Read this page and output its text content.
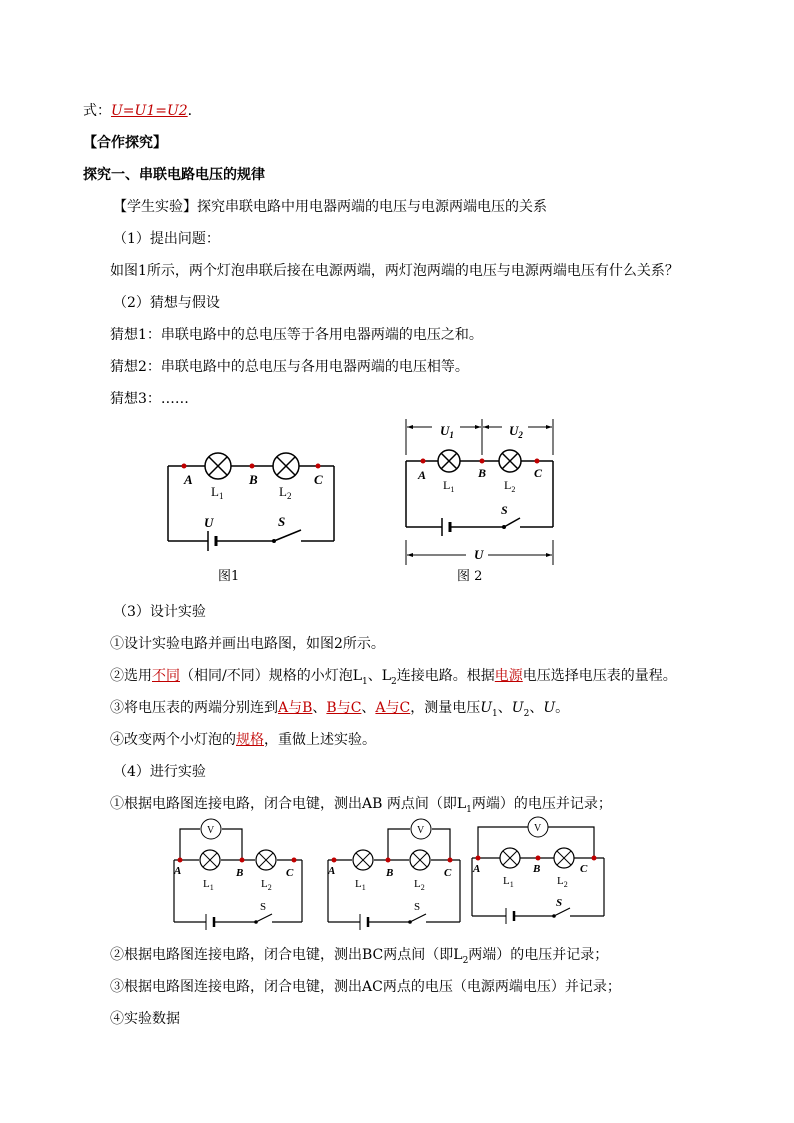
式：U=U1=U2.
【合作探究】
探究一、串联电路电压的规律
【学生实验】探究串联电路中用电器两端的电压与电源两端电压的关系
（1）提出问题：
如图1所示，两个灯泡串联后接在电源两端，两灯泡两端的电压与电源两端电压有什么关系？
（2）猜想与假设
猜想1：串联电路中的总电压等于各用电器两端的电压之和。
猜想2：串联电路中的总电压与各用电器两端的电压相等。
猜想3：……
A	B	C
$L_1$	$L_2$
U	S
图1
$U_1$	$U_2$
A	B	C
$L_1$	$L_2$
S
U
图 2
（3）设计实验
①设计实验电路并画出电路图，如图2所示。
②选用不同（相同/不同）规格的小灯泡$L_1$、$L_2$连接电路。根据电源电压选择电压表的量程。
③将电压表的两端分别连到A与B、B与C、A与C，测量电压$U_1$、$U_2$、U。
④改变两个小灯泡的规格，重做上述实验。
（4）进行实验
①根据电路图连接电路，闭合电键，测出AB 两点间（即$L_1$两端）的电压并记录；
V
A	B	C
$L_1$	$L_2$
S
V
A	B	C
$L_1$	$L_2$
S
V
A	B	C
$L_1$	$L_2$
S
②根据电路图连接电路，闭合电键，测出BC两点间（即$L_2$两端）的电压并记录；
③根据电路图连接电路，闭合电键，测出AC两点的电压（电源两端电压）并记录；
④实验数据
